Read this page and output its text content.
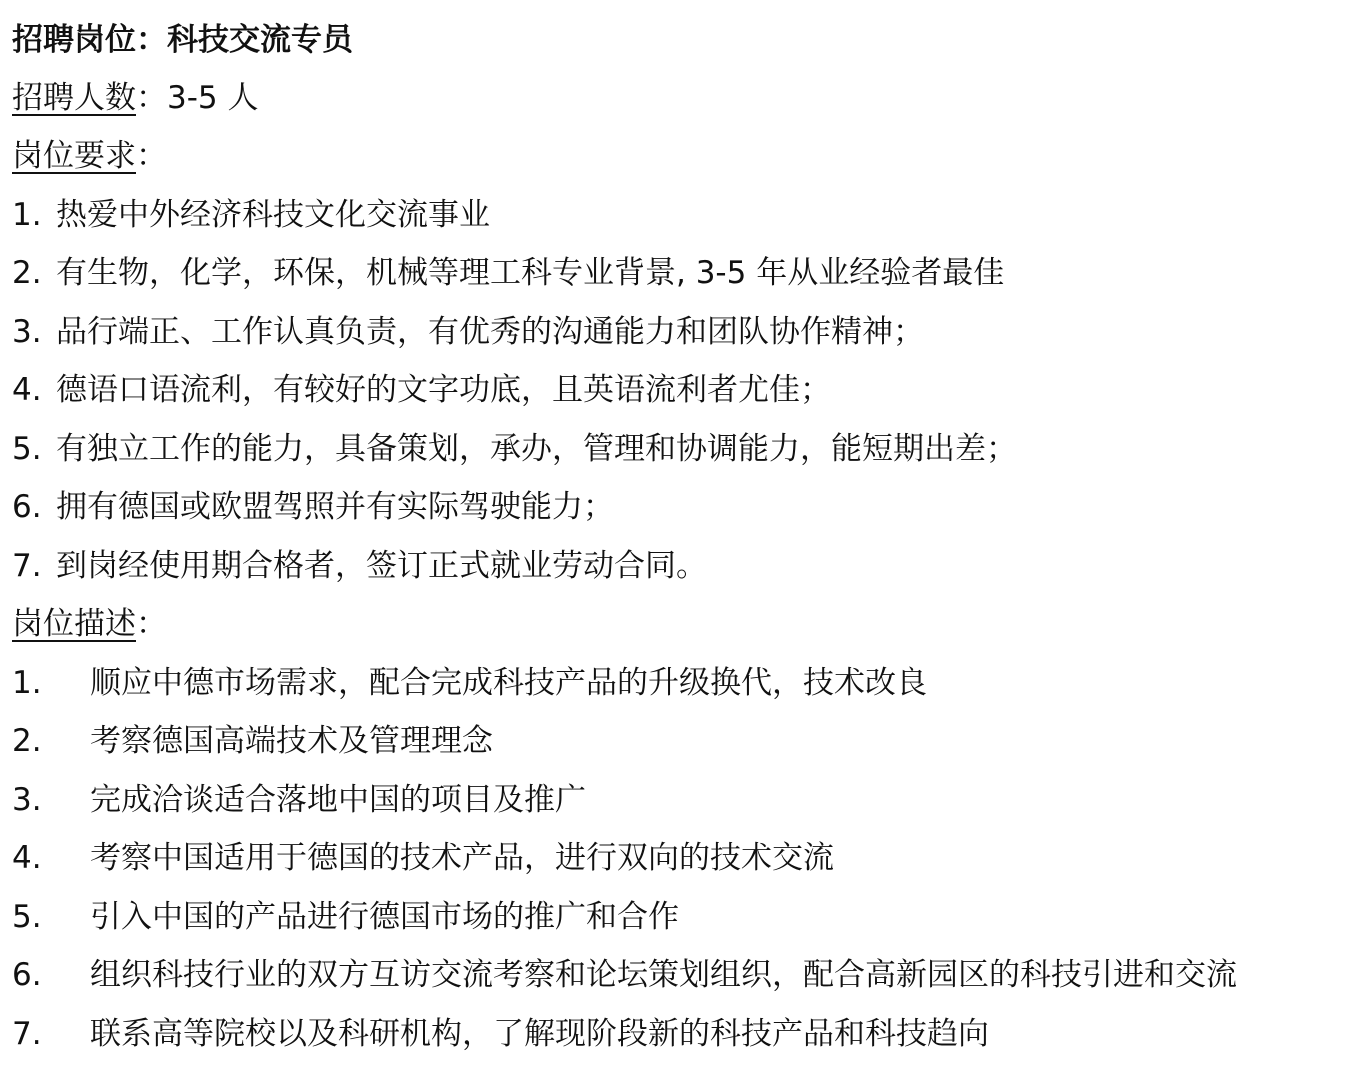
招聘岗位：科技交流专员
招聘人数：3-5 人
岗位要求：
1. 热爱中外经济科技文化交流事业
2. 有生物，化学，环保，机械等理工科专业背景, 3-5 年从业经验者最佳
3. 品行端正、工作认真负责，有优秀的沟通能力和团队协作精神；
4. 德语口语流利，有较好的文字功底，且英语流利者尤佳；
5. 有独立工作的能力，具备策划，承办，管理和协调能力，能短期出差；
6. 拥有德国或欧盟驾照并有实际驾驶能力；
7. 到岗经使用期合格者，签订正式就业劳动合同。
岗位描述：
1. 顺应中德市场需求，配合完成科技产品的升级换代，技术改良
2. 考察德国高端技术及管理理念
3. 完成洽谈适合落地中国的项目及推广
4. 考察中国适用于德国的技术产品，进行双向的技术交流
5. 引入中国的产品进行德国市场的推广和合作
6. 组织科技行业的双方互访交流考察和论坛策划组织，配合高新园区的科技引进和交流
7. 联系高等院校以及科研机构，了解现阶段新的科技产品和科技趋向
